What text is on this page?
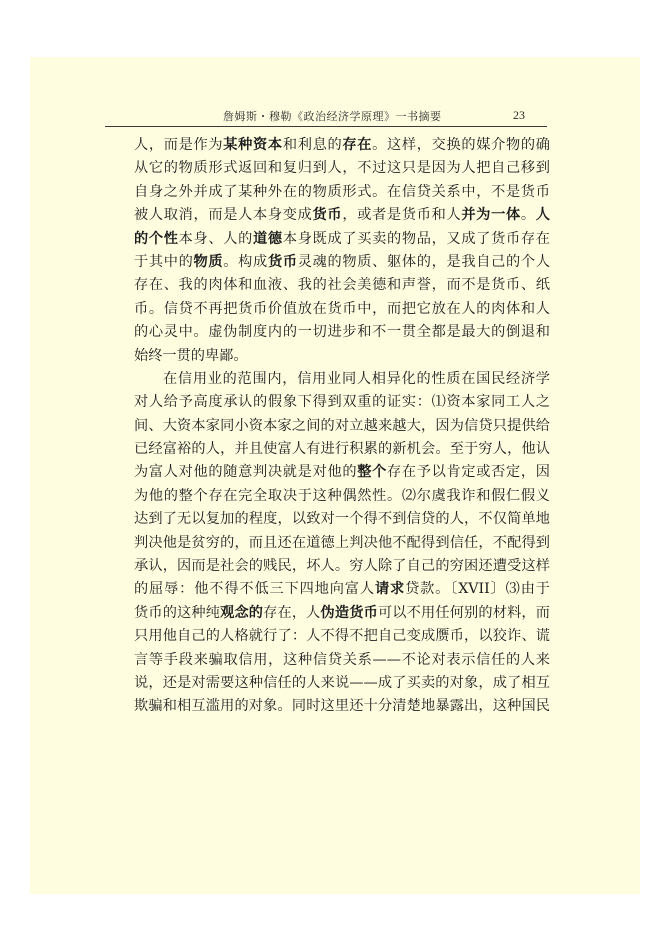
詹姆斯・穆勒《政治经济学原理》一书摘要	23
人，而是作为某种资本和利息的存在。这样，交换的媒介物的确
从它的物质形式返回和复归到人，不过这只是因为人把自己移到
自身之外并成了某种外在的物质形式。在信贷关系中，不是货币
被人取消，而是人本身变成货币，或者是货币和人并为一体。人
的个性本身、人的道德本身既成了买卖的物品，又成了货币存在
于其中的物质。构成货币灵魂的物质、躯体的，是我自己的个人
存在、我的肉体和血液、我的社会美德和声誉，而不是货币、纸
币。信贷不再把货币价值放在货币中，而把它放在人的肉体和人
的心灵中。虚伪制度内的一切进步和不一贯全都是最大的倒退和
始终一贯的卑鄙。
在信用业的范围内，信用业同人相异化的性质在国民经济学
对人给予高度承认的假象下得到双重的证实：⑴资本家同工人之
间、大资本家同小资本家之间的对立越来越大，因为信贷只提供给
已经富裕的人，并且使富人有进行积累的新机会。至于穷人，他认
为富人对他的随意判决就是对他的整个存在予以肯定或否定，因
为他的整个存在完全取决于这种偶然性。⑵尔虞我诈和假仁假义
达到了无以复加的程度，以致对一个得不到信贷的人，不仅简单地
判决他是贫穷的，而且还在道德上判决他不配得到信任，不配得到
承认，因而是社会的贱民，坏人。穷人除了自己的穷困还遭受这样
的屈辱：他不得不低三下四地向富人请求贷款。〔XVII〕⑶由于
货币的这种纯观念的存在，人伪造货币可以不用任何别的材料，而
只用他自己的人格就行了：人不得不把自己变成赝币，以狡诈、谎
言等手段来骗取信用，这种信贷关系——不论对表示信任的人来
说，还是对需要这种信任的人来说——成了买卖的对象，成了相互
欺骗和相互滥用的对象。同时这里还十分清楚地暴露出，这种国民
